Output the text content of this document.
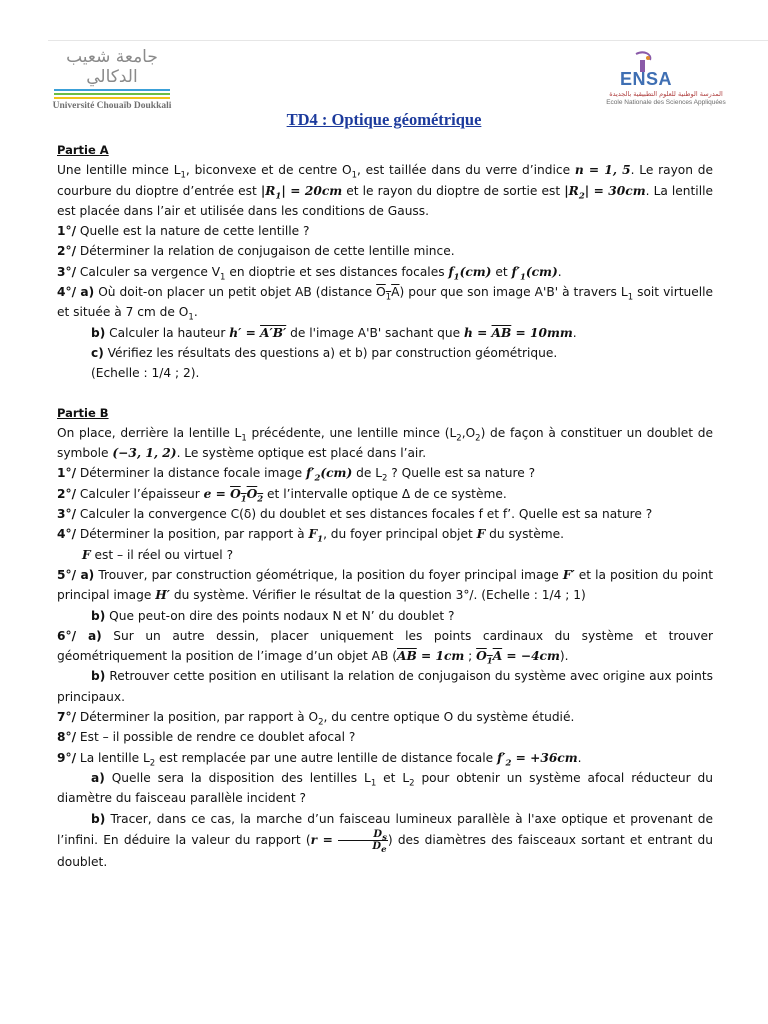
جامعة شعيب الدكالي
Université Chouaïb Doukkali
ENSA
المدرسة الوطنية للعلوم التطبيقية بالجديدة
Ecole Nationale des Sciences Appliquées
TD4 : Optique géométrique

Partie A

Une lentille mince $L_1$, biconvexe et de centre $O_1$, est taillée dans du verre d’indice n = 1, 5. Le rayon de courbure du dioptre d’entrée est $|R_1| = 20cm$ et le rayon du dioptre de sortie est $|R_2| = 30cm$. La lentille est placée dans l’air et utilisée dans les conditions de Gauss.

1°/ Quelle est la nature de cette lentille ?

2°/ Déterminer la relation de conjugaison de cette lentille mince.

3°/ Calculer sa vergence $V_1$ en dioptrie et ses distances focales $f_1(cm)$ et $f'_1(cm)$.

4°/ a) Où doit-on placer un petit objet AB (distance $O_1A$) pour que son image A'B' à travers $L_1$ soit virtuelle et située à 7 cm de $O_1$.

b) Calculer la hauteur h′ = A′B′ de l'image A'B' sachant que $h = \overline{AB} = 10mm$.

c) Vérifiez les résultats des questions a) et b) par construction géométrique.

(Echelle : 1/4 ; 2).

Partie B

On place, derrière la lentille $L_1$ précédente, une lentille mince $(L_2,O_2)$ de façon à constituer un doublet de symbole (−3, 1, 2). Le système optique est placé dans l’air.

1°/ Déterminer la distance focale image $f'_2(cm)$ de $L_2$ ? Quelle est sa nature ?

2°/ Calculer l’épaisseur $e = O_1O_2$ et l’intervalle optique Δ de ce système.

3°/ Calculer la convergence C(δ) du doublet et ses distances focales f et f’. Quelle est sa nature ?

4°/ Déterminer la position, par rapport à $F_1$, du foyer principal objet F du système.

F est – il réel ou virtuel ?

5°/ a) Trouver, par construction géométrique, la position du foyer principal image F′ et la position du point principal image H′ du système. Vérifier le résultat de la question 3°/. (Echelle : 1/4 ; 1)

b) Que peut-on dire des points nodaux N et N’ du doublet ?

6°/ a) Sur un autre dessin, placer uniquement les points cardinaux du système et trouver géométriquement la position de l’image d’un objet AB ($\overline{AB} = 1cm$ ; $O_1A = -4cm$).

b) Retrouver cette position en utilisant la relation de conjugaison du système avec origine aux points principaux.

7°/ Déterminer la position, par rapport à $O_2$, du centre optique O du système étudié.

8°/ Est – il possible de rendre ce doublet afocal ?

9°/ La lentille $L_2$ est remplacée par une autre lentille de distance focale $f'_2 = +36cm$.

a) Quelle sera la disposition des lentilles $L_1$ et $L_2$ pour obtenir un système afocal réducteur du diamètre du faisceau parallèle incident ?

b) Tracer, dans ce cas, la marche d’un faisceau lumineux parallèle à l'axe optique et provenant de l’infini. En déduire la valeur du rapport ($r = \frac{D_s}{D_e}$ ) des diamètres des faisceaux sortant et entrant du doublet.
